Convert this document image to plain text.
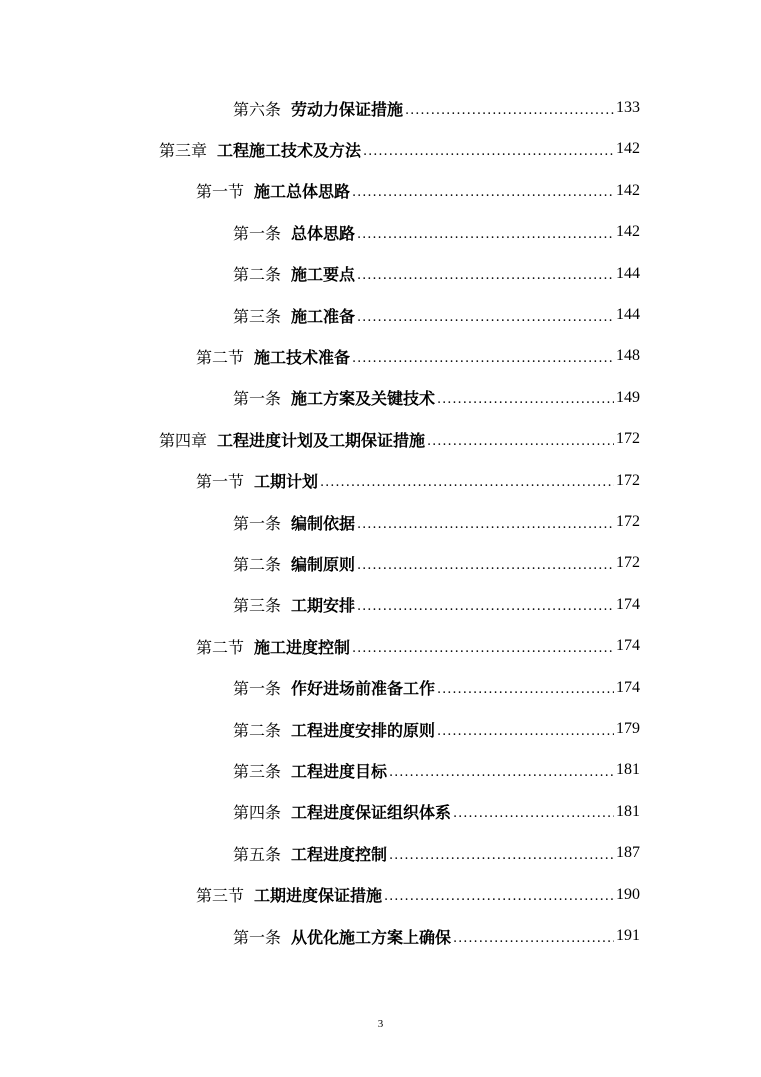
第六条 劳动力保证措施 .....	133
第三章 工程施工技术及方法 .....	142
第一节 施工总体思路 .....	142
第一条 总体思路 .....	142
第二条 施工要点 .....	144
第三条 施工准备 .....	144
第二节 施工技术准备 .....	148
第一条 施工方案及关键技术 .....	149
第四章 工程进度计划及工期保证措施 .....	172
第一节 工期计划 .....	172
第一条 编制依据 .....	172
第二条 编制原则 .....	172
第三条 工期安排 .....	174
第二节 施工进度控制 .....	174
第一条 作好进场前准备工作 .....	174
第二条 工程进度安排的原则 .....	179
第三条 工程进度目标 .....	181
第四条 工程进度保证组织体系 .....	181
第五条 工程进度控制 .....	187
第三节 工期进度保证措施 .....	190
第一条 从优化施工方案上确保 .....	191
3
